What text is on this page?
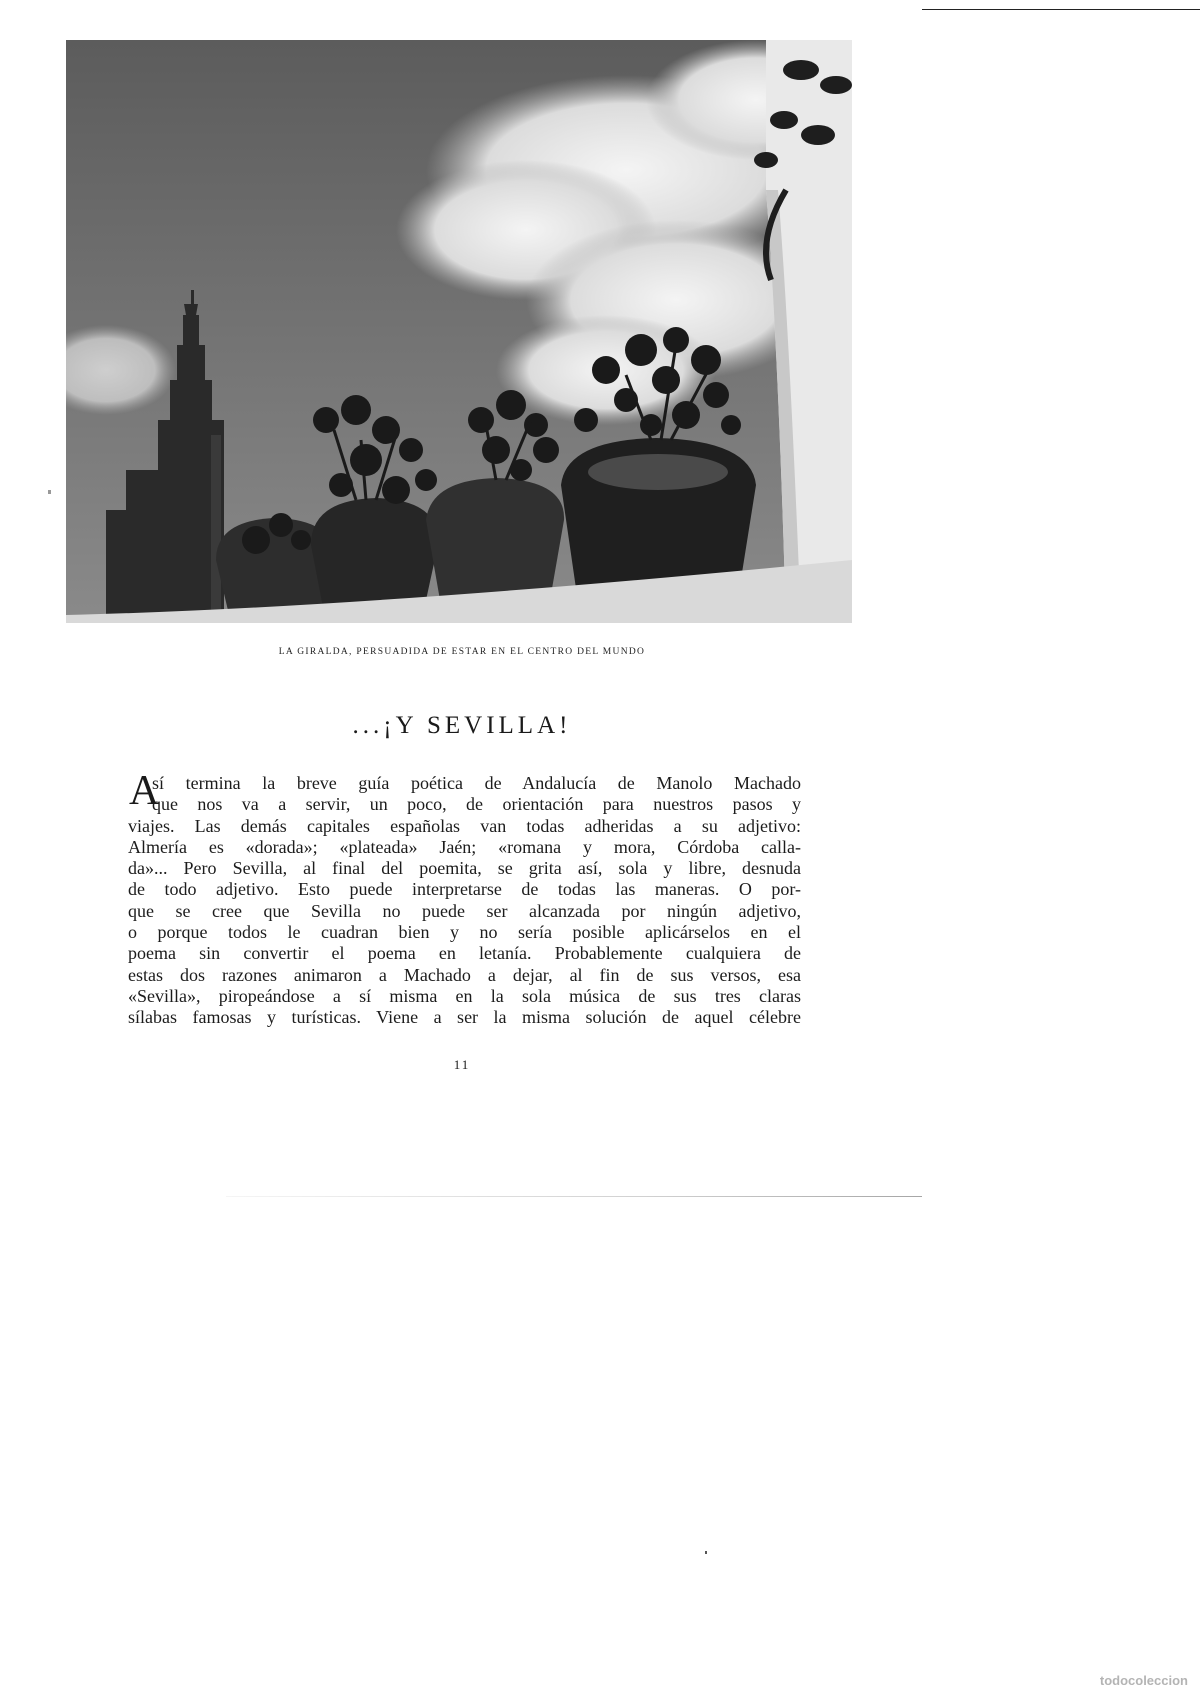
LA GIRALDA, PERSUADIDA DE ESTAR EN EL CENTRO DEL MUNDO
...¡Y SEVILLA!
A
sí termina la breve guía poética de Andalucía de Manolo Machado
que nos va a servir, un poco, de orientación para nuestros pasos y
viajes. Las demás capitales españolas van todas adheridas a su adjetivo:
Almería es «dorada»; «plateada» Jaén; «romana y mora, Córdoba calla-
da»... Pero Sevilla, al final del poemita, se grita así, sola y libre, desnuda
de todo adjetivo. Esto puede interpretarse de todas las maneras. O por-
que se cree que Sevilla no puede ser alcanzada por ningún adjetivo,
o porque todos le cuadran bien y no sería posible aplicárselos en el
poema sin convertir el poema en letanía. Probablemente cualquiera de
estas dos razones animaron a Machado a dejar, al fin de sus versos, esa
«Sevilla», piropeándose a sí misma en la sola música de sus tres claras
sílabas famosas y turísticas. Viene a ser la misma solución de aquel célebre
11
todocoleccion
